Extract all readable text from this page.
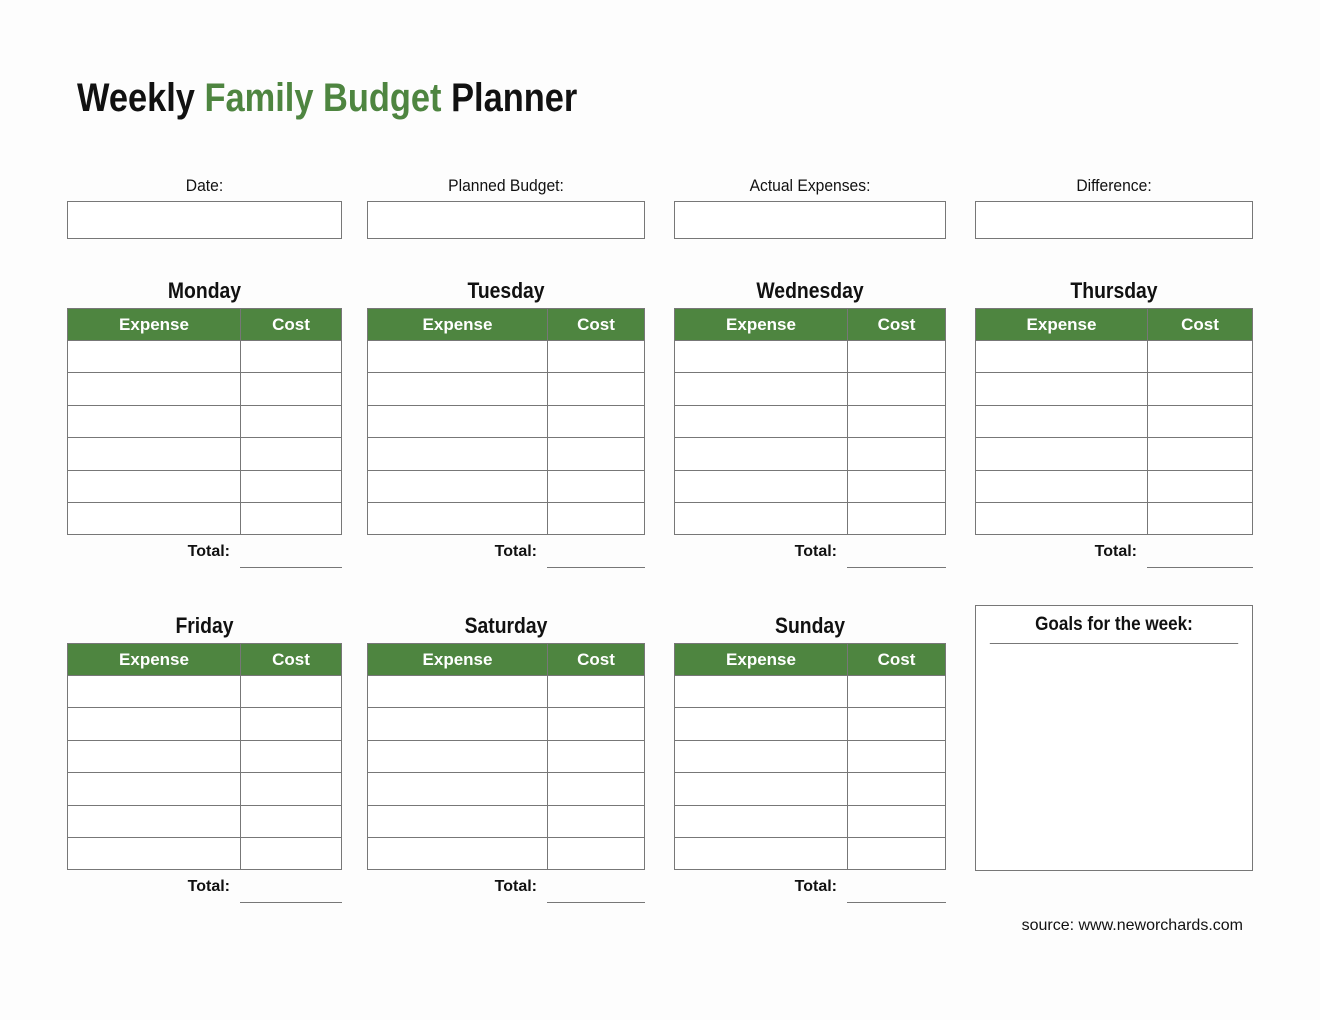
Weekly Family Budget Planner
Date:	Planned Budget:	Actual Expenses:	Difference:
Monday
Expense	Cost

Total:
Tuesday
Expense	Cost

Total:
Wednesday
Expense	Cost

Total:
Thursday
Expense	Cost

Total:
Friday
Expense	Cost

Total:
Saturday
Expense	Cost

Total:
Sunday
Expense	Cost

Total:
Goals for the week:
source: www.neworchards.com
